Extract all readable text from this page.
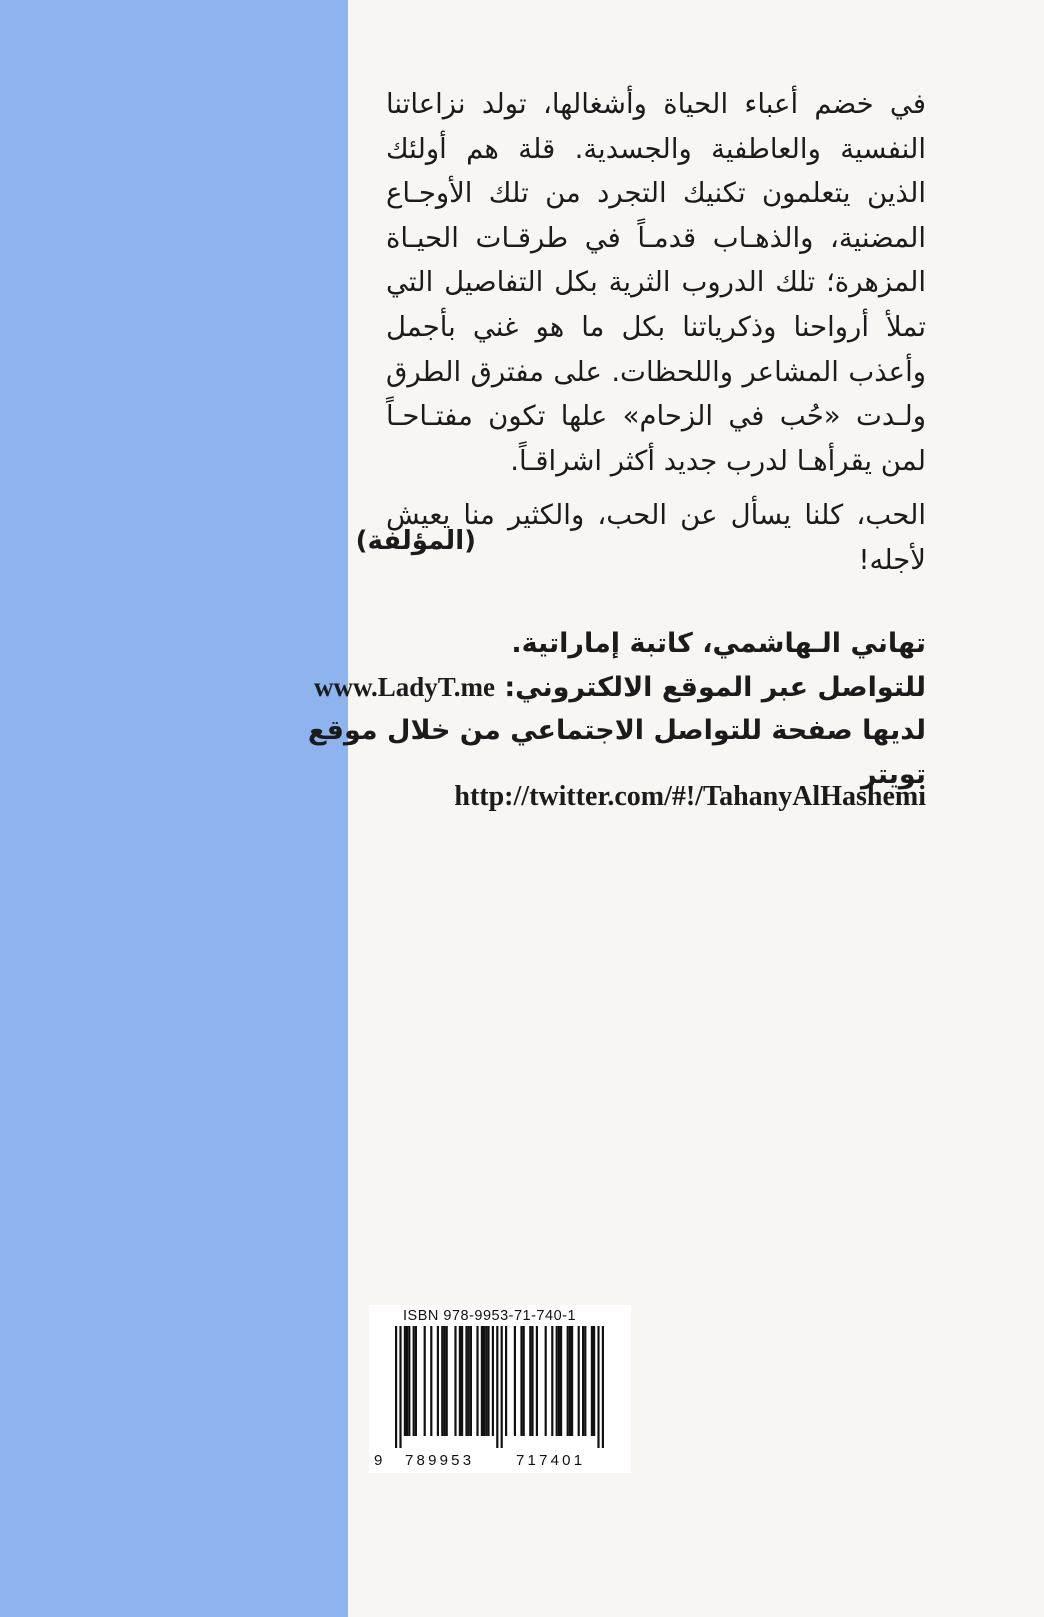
في خضم أعباء الحياة وأشغالها، تولد نزاعاتنا النفسية والعاطفية والجسدية. قلة هم أولئك الذين يتعلمون تكنيك التجرد من تلك الأوجـاع المضنية، والذهـاب قدمـاً في طرقـات الحيـاة المزهرة؛ تلك الدروب الثرية بكل التفاصيل التي تملأ أرواحنا وذكرياتنا بكل ما هو غني بأجمل وأعذب المشاعر واللحظات. على مفترق الطرق ولـدت «حُب في الزحام» علها تكون مفتـاحـاً لمن يقرأهـا لدرب جديد أكثر اشراقـاً.

الحب، كلنا يسأل عن الحب، والكثير منا يعيش لأجله!

(المؤلفة)
تهاني الـهاشمي، كاتبة إماراتية.
للتواصل عبر الموقع الالكتروني: www.LadyT.me
لديها صفحة للتواصل الاجتماعي من خلال موقع
تويتر
http://twitter.com/#!/TahanyAlHashemi
ISBN 978-9953-71-740-1
9 789953	717401
